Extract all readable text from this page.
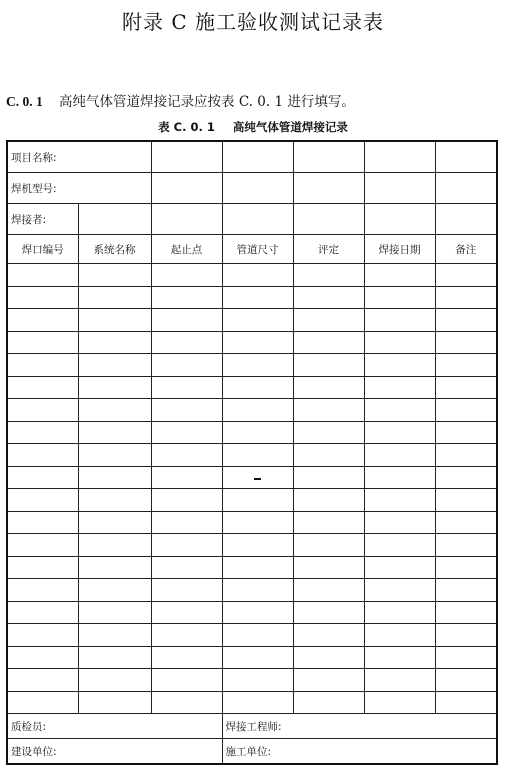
附录 C 施工验收测试记录表
C. 0. 1 高纯气体管道焊接记录应按表 C. 0. 1 进行填写。
表 C. 0. 1 高纯气体管道焊接记录
项目名称:						
焊机型号:						
焊接者:						
焊口编号	系统名称	起止点	管道尺寸	评定	焊接日期	备注

质检员:			焊接工程师:			
建设单位:			施工单位:			
